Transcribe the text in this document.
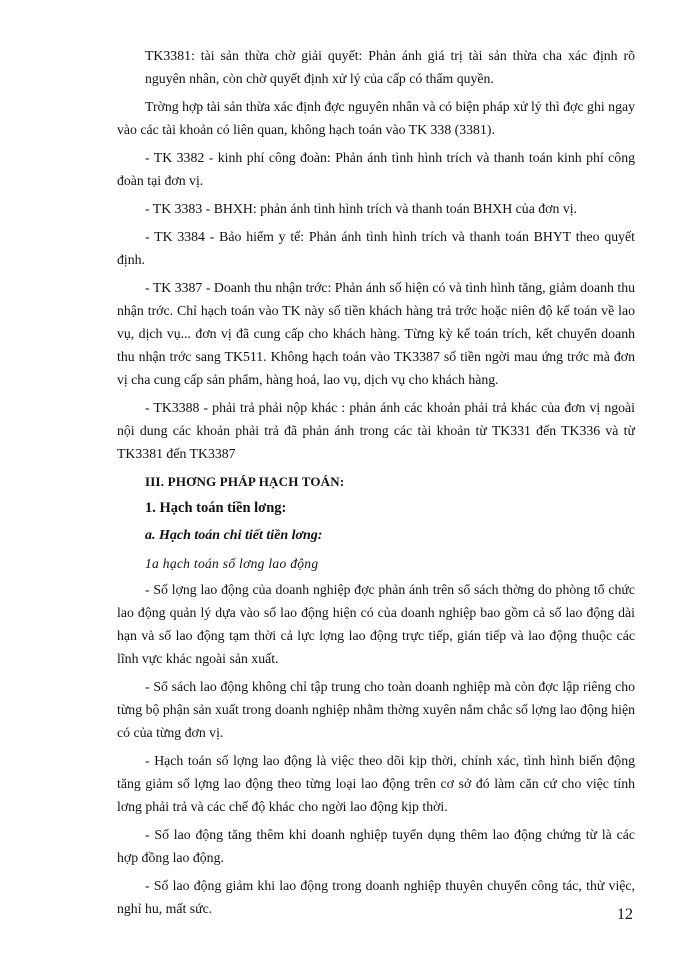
TK3381: tài sản thừa chờ giải quyết: Phản ánh giá trị tài sản thừa cha xác định rõ nguyên nhân, còn chờ quyết định xử lý của cấp có thẩm quyền.

Trờng hợp tài sản thừa xác định đợc nguyên nhân và có biện pháp xử lý thì đợc ghi ngay vào các tài khoản có liên quan, không hạch toán vào TK 338 (3381).

- TK 3382 - kinh phí công đoàn: Phản ánh tình hình trích và thanh toán kinh phí công đoàn tại đơn vị.

- TK 3383 - BHXH: phản ánh tình hình trích và thanh toán BHXH của đơn vị.

- TK 3384 - Bảo hiểm y tế: Phản ánh tình hình trích và thanh toán BHYT theo quyết định.

- TK 3387 - Doanh thu nhận trớc: Phản ánh số hiện có và tình hình tăng, giảm doanh thu nhận trớc. Chỉ hạch toán vào TK này số tiền khách hàng trả trớc hoặc niên độ kế toán về lao vụ, dịch vụ... đơn vị đã cung cấp cho khách hàng. Từng kỳ kế toán trích, kết chuyển doanh thu nhận trớc sang TK511. Không hạch toán vào TK3387 số tiền ngời mau ứng trớc mà đơn vị cha cung cấp sản phẩm, hàng hoá, lao vụ, dịch vụ cho khách hàng.

- TK3388 - phải trả phải nộp khác : phản ánh các khoản phải trả khác của đơn vị ngoài nội dung các khoản phải trả đã phản ánh trong các tài khoản từ TK331 đến TK336 và từ TK3381 đến TK3387

III. PHƠNG PHÁP HẠCH TOÁN:
1. Hạch toán tiền lơng:
a. Hạch toán chi tiết tiền lơng:
1a hạch toán số lơng lao động

- Số lợng lao động của doanh nghiệp đợc phản ánh trên sổ sách thờng do phòng tổ chức lao động quản lý dựa vào số lao động hiện có của doanh nghiệp bao gồm cả số lao động dài hạn và số lao động tạm thời cả lực lợng lao động trực tiếp, gián tiếp và lao động thuộc các lĩnh vực khác ngoài sản xuất.

- Sổ sách lao động không chỉ tập trung cho toàn doanh nghiệp mà còn đợc lập riêng cho từng bộ phận sản xuất trong doanh nghiệp nhằm thờng xuyên nắm chắc số lợng lao động hiện có của từng đơn vị.

- Hạch toán số lợng lao động là việc theo dõi kịp thời, chính xác, tình hình biến động tăng giảm số lợng lao động theo từng loại lao động trên cơ sở đó làm căn cứ cho việc tính lơng phải trả và các chế độ khác cho ngời lao động kịp thời.

- Số lao động tăng thêm khi doanh nghiệp tuyển dụng thêm lao động chứng từ là các hợp đồng lao động.

- Số lao động giảm khi lao động trong doanh nghiệp thuyên chuyển công tác, thử việc, nghỉ hu, mất sức.	12
